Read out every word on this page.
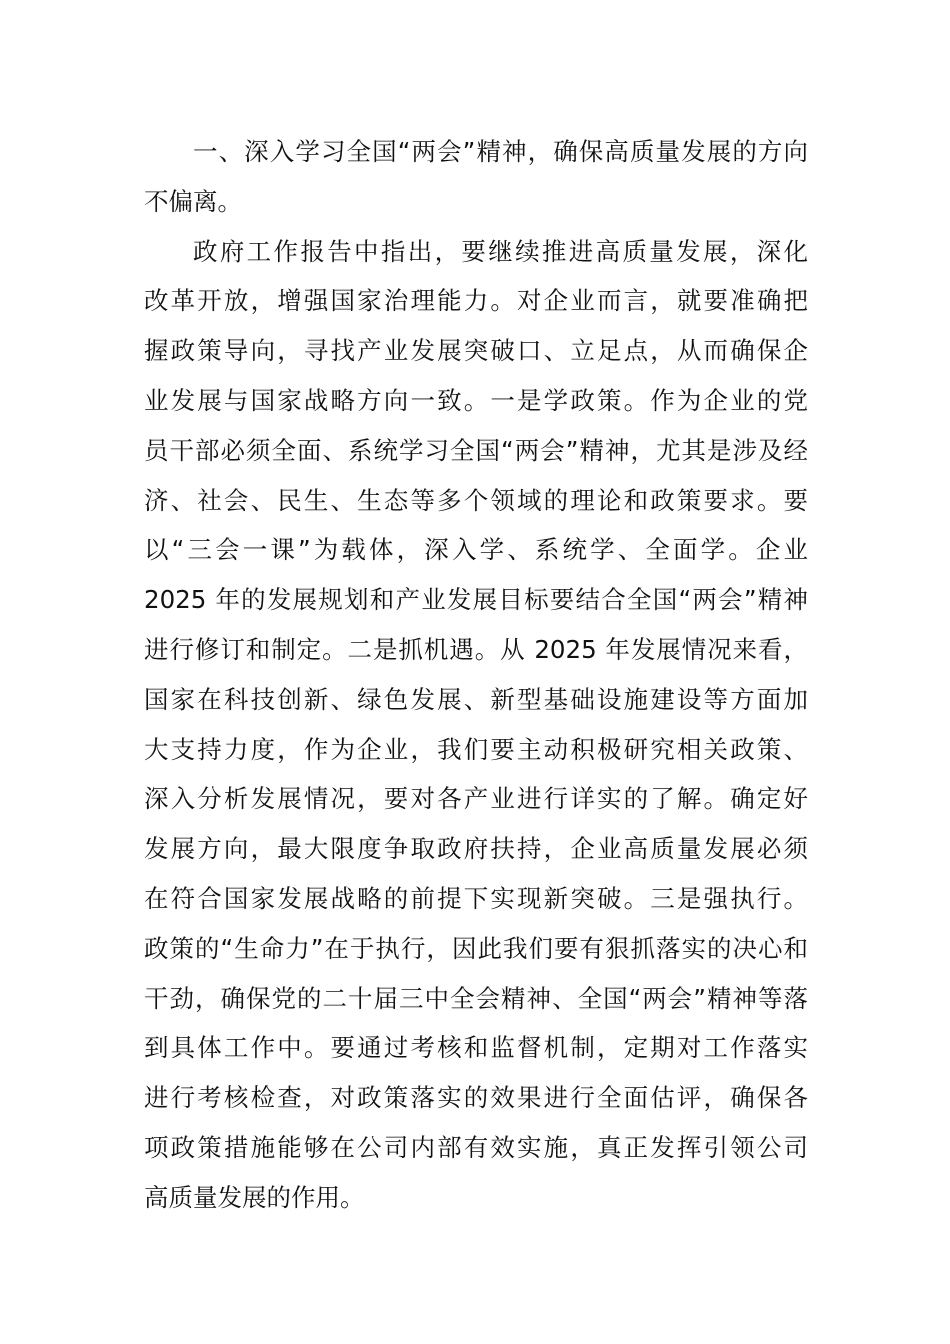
一、深入学习全国“两会”精神，确保高质量发展的方向
不偏离。
政府工作报告中指出，要继续推进高质量发展，深化
改革开放，增强国家治理能力。对企业而言，就要准确把
握政策导向，寻找产业发展突破口、立足点，从而确保企
业发展与国家战略方向一致。一是学政策。作为企业的党
员干部必须全面、系统学习全国“两会”精神，尤其是涉及经
济、社会、民生、生态等多个领域的理论和政策要求。要
以“三会一课”为载体，深入学、系统学、全面学。企业
2025 年的发展规划和产业发展目标要结合全国“两会”精神
进行修订和制定。二是抓机遇。从 2025 年发展情况来看，
国家在科技创新、绿色发展、新型基础设施建设等方面加
大支持力度，作为企业，我们要主动积极研究相关政策、
深入分析发展情况，要对各产业进行详实的了解。确定好
发展方向，最大限度争取政府扶持，企业高质量发展必须
在符合国家发展战略的前提下实现新突破。三是强执行。
政策的“生命力”在于执行，因此我们要有狠抓落实的决心和
干劲，确保党的二十届三中全会精神、全国“两会”精神等落
到具体工作中。要通过考核和监督机制，定期对工作落实
进行考核检查，对政策落实的效果进行全面估评，确保各
项政策措施能够在公司内部有效实施，真正发挥引领公司
高质量发展的作用。
